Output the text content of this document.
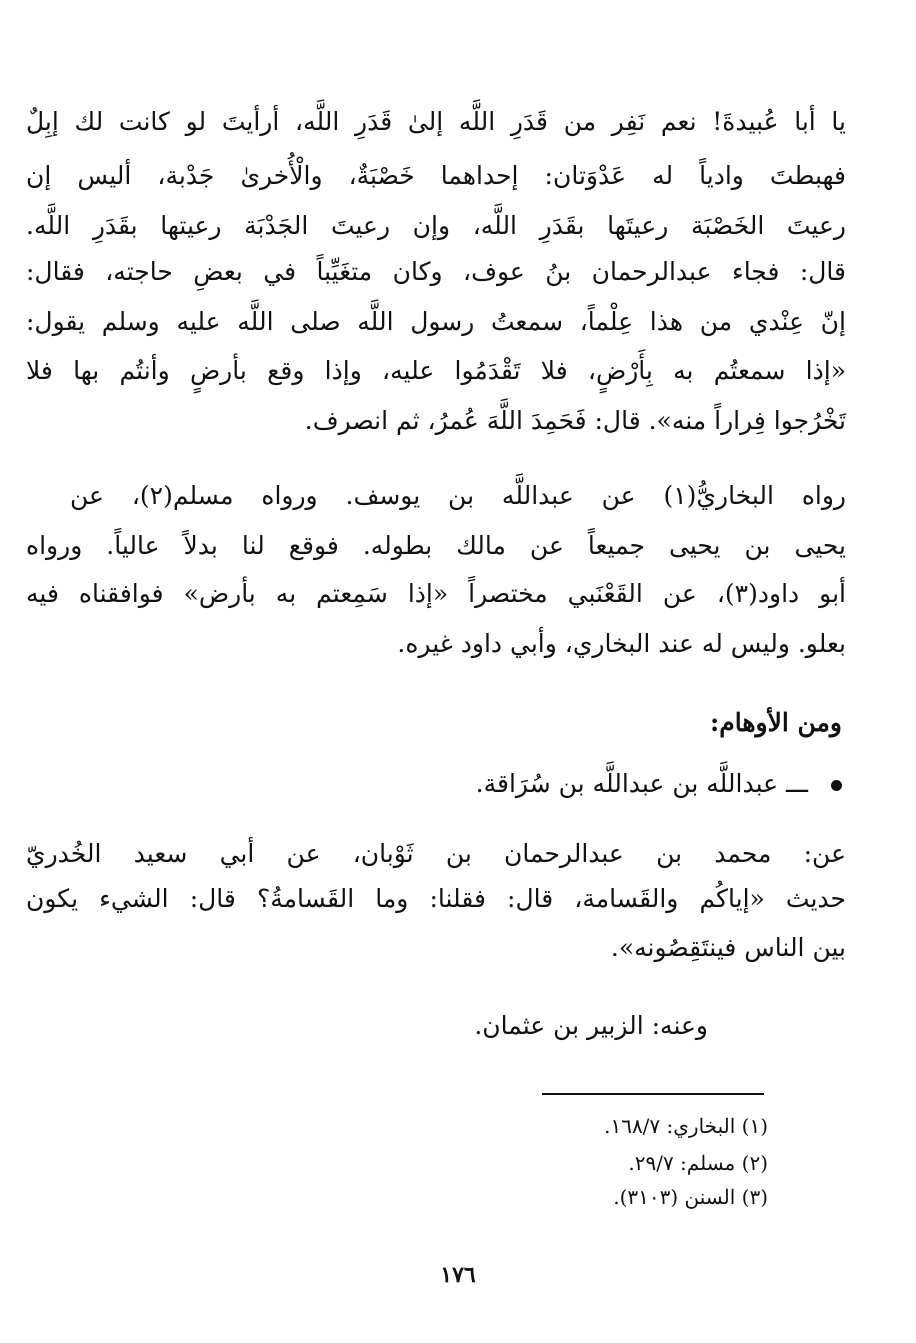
يا أبا عُبيدةَ! نعم نَفِر من قَدَرِ اللَّه إلىٰ قَدَرِ اللَّه، أرأيتَ لو كانت لك إبِلٌ
فهبطتَ وادياً له عَدْوَتان: إحداهما خَصْبَةٌ، والْأُخرىٰ جَدْبة، أليس إن
رعيتَ الخَصْبَة رعيتَها بقَدَرِ اللَّه، وإن رعيتَ الجَدْبَة رعيتها بقَدَرِ اللَّه.
قال: فجاء عبدالرحمان بنُ عوف، وكان متغَيِّباً في بعضِ حاجته، فقال:
إنّ عِنْدي من هذا عِلْماً، سمعتُ رسول اللَّه صلى اللَّه عليه وسلم يقول:
«إذا سمعتُم به بِأَرْضٍ، فلا تَقْدَمُوا عليه، وإذا وقع بأرضٍ وأنتُم بها فلا
تَخْرُجوا فِراراً منه». قال: فَحَمِدَ اللَّهَ عُمرُ، ثم انصرف.
رواه البخاريُّ(١) عن عبداللَّه بن يوسف. ورواه مسلم(٢)، عن
يحيى بن يحيى جميعاً عن مالك بطوله. فوقع لنا بدلاً عالياً. ورواه
أبو داود(٣)، عن القَعْنَبي مختصراً «إذا سَمِعتم به بأرض» فوافقناه فيه
بعلو. وليس له عند البخاري، وأبي داود غيره.
ومن الأوهام:
ـــ عبداللَّه بن عبداللَّه بن سُرَاقة.
عن: محمد بن عبدالرحمان بن ثَوْبان، عن أبي سعيد الخُدريّ
حديث «إياكُم والقَسامة، قال: فقلنا: وما القَسامةُ؟ قال: الشيء يكون
بين الناس فينتَقِصُونه».
وعنه: الزبير بن عثمان.
(١) البخاري: ١٦٨/٧.
(٢) مسلم: ٢٩/٧.
(٣) السنن (٣١٠٣).
١٧٦
